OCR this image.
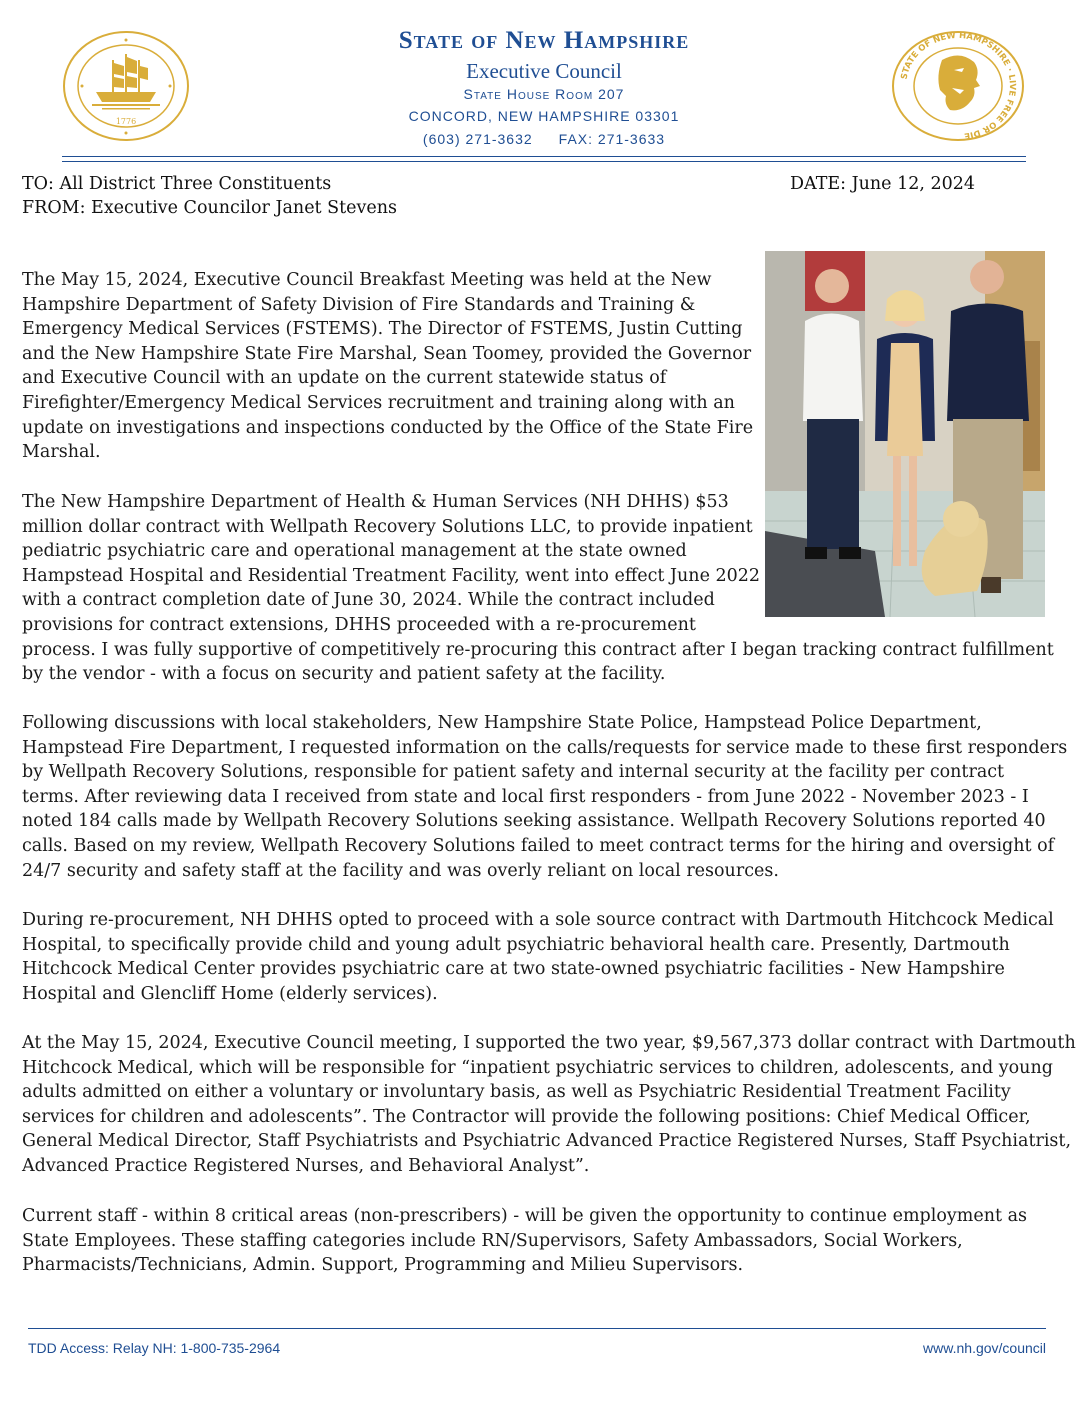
1776
State of New Hampshire
Executive Council
State House Room 207
CONCORD, NEW HAMPSHIRE 03301
(603) 271-3632 FAX: 271-3633
STATE OF NEW HAMPSHIRE · LIVE FREE OR DIE
TO: All District Three Constituents	DATE: June 12, 2024
FROM: Executive Councilor Janet Stevens
The May 15, 2024, Executive Council Breakfast Meeting was held at the New
Hampshire Department of Safety Division of Fire Standards and Training &
Emergency Medical Services (FSTEMS). The Director of FSTEMS, Justin Cutting
and the New Hampshire State Fire Marshal, Sean Toomey, provided the Governor
and Executive Council with an update on the current statewide status of
Firefighter/Emergency Medical Services recruitment and training along with an
update on investigations and inspections conducted by the Office of the State Fire
Marshal.
The New Hampshire Department of Health & Human Services (NH DHHS) $53
million dollar contract with Wellpath Recovery Solutions LLC, to provide inpatient
pediatric psychiatric care and operational management at the state owned
Hampstead Hospital and Residential Treatment Facility, went into effect June 2022
with a contract completion date of June 30, 2024. While the contract included
provisions for contract extensions, DHHS proceeded with a re-procurement
process. I was fully supportive of competitively re-procuring this contract after I began tracking contract fulfillment
by the vendor - with a focus on security and patient safety at the facility.
Following discussions with local stakeholders, New Hampshire State Police, Hampstead Police Department,
Hampstead Fire Department, I requested information on the calls/requests for service made to these first responders
by Wellpath Recovery Solutions, responsible for patient safety and internal security at the facility per contract
terms. After reviewing data I received from state and local first responders - from June 2022 - November 2023 - I
noted 184 calls made by Wellpath Recovery Solutions seeking assistance. Wellpath Recovery Solutions reported 40
calls. Based on my review, Wellpath Recovery Solutions failed to meet contract terms for the hiring and oversight of
24/7 security and safety staff at the facility and was overly reliant on local resources.
During re-procurement, NH DHHS opted to proceed with a sole source contract with Dartmouth Hitchcock Medical
Hospital, to specifically provide child and young adult psychiatric behavioral health care. Presently, Dartmouth
Hitchcock Medical Center provides psychiatric care at two state-owned psychiatric facilities - New Hampshire
Hospital and Glencliff Home (elderly services).
At the May 15, 2024, Executive Council meeting, I supported the two year, $9,567,373 dollar contract with Dartmouth
Hitchcock Medical, which will be responsible for “inpatient psychiatric services to children, adolescents, and young
adults admitted on either a voluntary or involuntary basis, as well as Psychiatric Residential Treatment Facility
services for children and adolescents”. The Contractor will provide the following positions: Chief Medical Officer,
General Medical Director, Staff Psychiatrists and Psychiatric Advanced Practice Registered Nurses, Staff Psychiatrist,
Advanced Practice Registered Nurses, and Behavioral Analyst”.
Current staff - within 8 critical areas (non-prescribers) - will be given the opportunity to continue employment as
State Employees. These staffing categories include RN/Supervisors, Safety Ambassadors, Social Workers,
Pharmacists/Technicians, Admin. Support, Programming and Milieu Supervisors.
TDD Access: Relay NH: 1-800-735-2964	www.nh.gov/council
